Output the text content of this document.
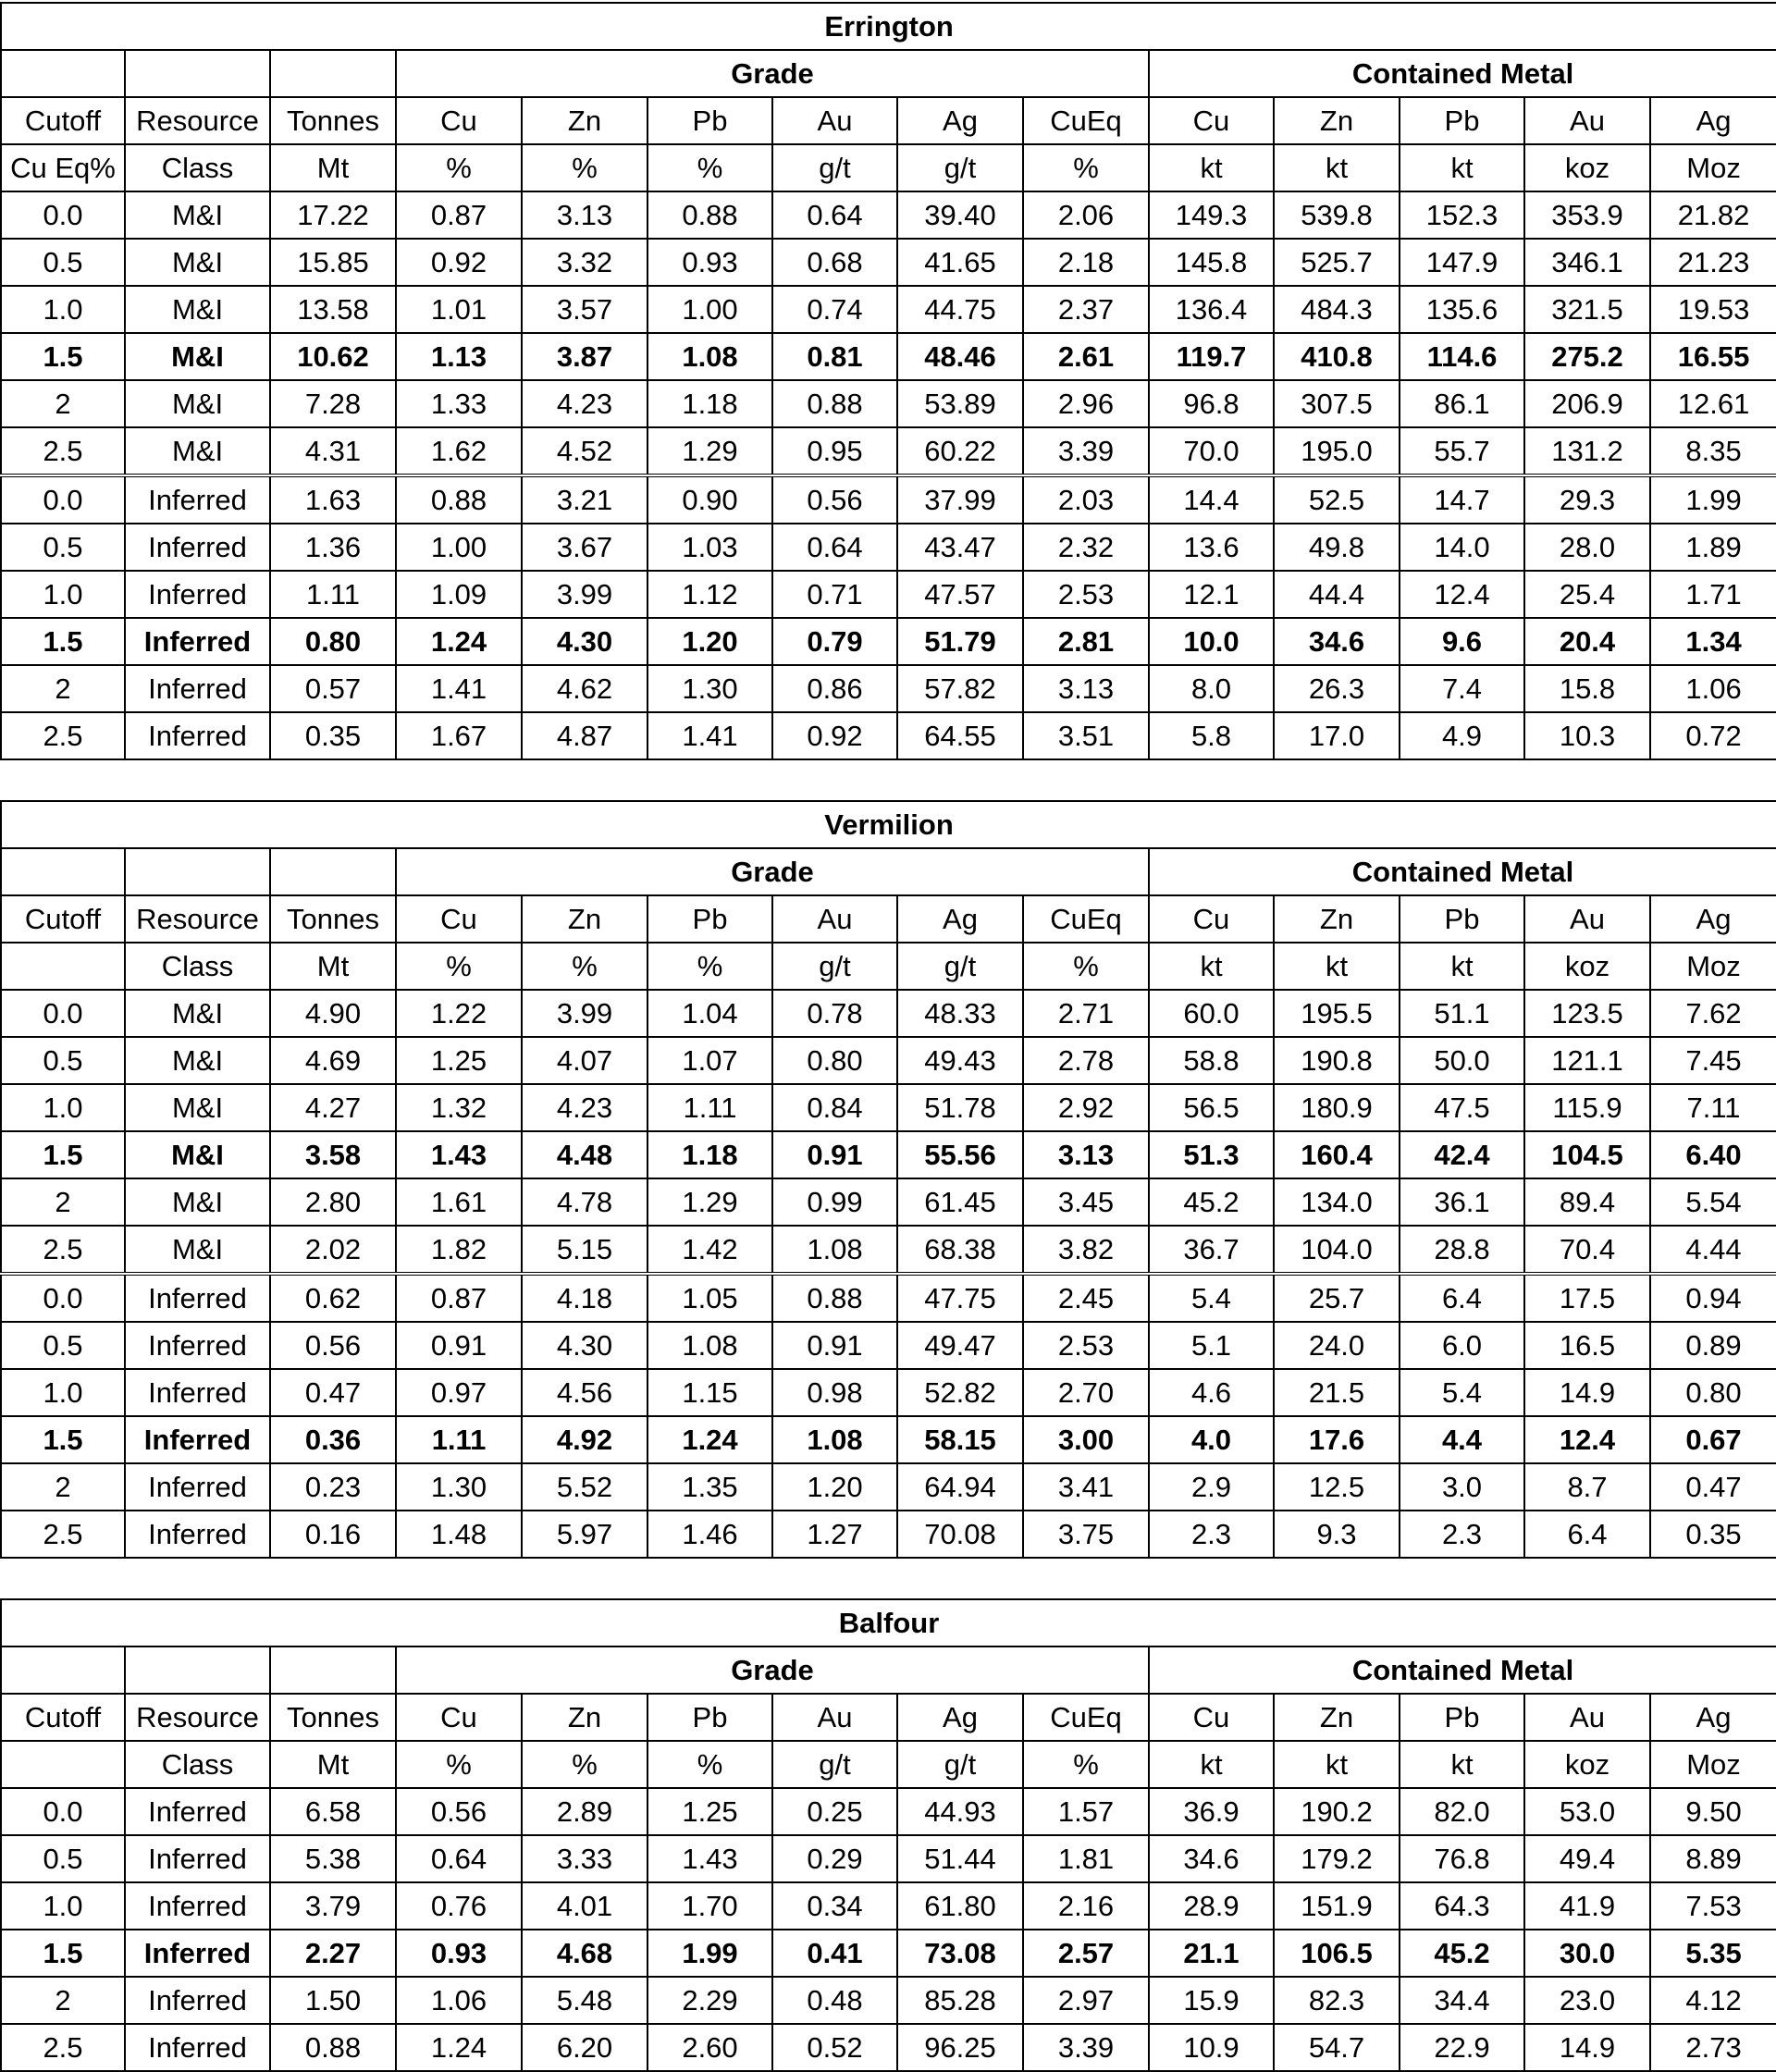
Errington													
			Grade						Contained Metal				
Cutoff	Resource	Tonnes	Cu	Zn	Pb	Au	Ag	CuEq	Cu	Zn	Pb	Au	Ag
Cu Eq%	Class	Mt	%	%	%	g/t	g/t	%	kt	kt	kt	koz	Moz
0.0	M&I	17.22	0.87	3.13	0.88	0.64	39.40	2.06	149.3	539.8	152.3	353.9	21.82
0.5	M&I	15.85	0.92	3.32	0.93	0.68	41.65	2.18	145.8	525.7	147.9	346.1	21.23
1.0	M&I	13.58	1.01	3.57	1.00	0.74	44.75	2.37	136.4	484.3	135.6	321.5	19.53
1.5	M&I	10.62	1.13	3.87	1.08	0.81	48.46	2.61	119.7	410.8	114.6	275.2	16.55
2	M&I	7.28	1.33	4.23	1.18	0.88	53.89	2.96	96.8	307.5	86.1	206.9	12.61
2.5	M&I	4.31	1.62	4.52	1.29	0.95	60.22	3.39	70.0	195.0	55.7	131.2	8.35
0.0	Inferred	1.63	0.88	3.21	0.90	0.56	37.99	2.03	14.4	52.5	14.7	29.3	1.99
0.5	Inferred	1.36	1.00	3.67	1.03	0.64	43.47	2.32	13.6	49.8	14.0	28.0	1.89
1.0	Inferred	1.11	1.09	3.99	1.12	0.71	47.57	2.53	12.1	44.4	12.4	25.4	1.71
1.5	Inferred	0.80	1.24	4.30	1.20	0.79	51.79	2.81	10.0	34.6	9.6	20.4	1.34
2	Inferred	0.57	1.41	4.62	1.30	0.86	57.82	3.13	8.0	26.3	7.4	15.8	1.06
2.5	Inferred	0.35	1.67	4.87	1.41	0.92	64.55	3.51	5.8	17.0	4.9	10.3	0.72
Vermilion													
			Grade						Contained Metal				
Cutoff	Resource	Tonnes	Cu	Zn	Pb	Au	Ag	CuEq	Cu	Zn	Pb	Au	Ag
	Class	Mt	%	%	%	g/t	g/t	%	kt	kt	kt	koz	Moz
0.0	M&I	4.90	1.22	3.99	1.04	0.78	48.33	2.71	60.0	195.5	51.1	123.5	7.62
0.5	M&I	4.69	1.25	4.07	1.07	0.80	49.43	2.78	58.8	190.8	50.0	121.1	7.45
1.0	M&I	4.27	1.32	4.23	1.11	0.84	51.78	2.92	56.5	180.9	47.5	115.9	7.11
1.5	M&I	3.58	1.43	4.48	1.18	0.91	55.56	3.13	51.3	160.4	42.4	104.5	6.40
2	M&I	2.80	1.61	4.78	1.29	0.99	61.45	3.45	45.2	134.0	36.1	89.4	5.54
2.5	M&I	2.02	1.82	5.15	1.42	1.08	68.38	3.82	36.7	104.0	28.8	70.4	4.44
0.0	Inferred	0.62	0.87	4.18	1.05	0.88	47.75	2.45	5.4	25.7	6.4	17.5	0.94
0.5	Inferred	0.56	0.91	4.30	1.08	0.91	49.47	2.53	5.1	24.0	6.0	16.5	0.89
1.0	Inferred	0.47	0.97	4.56	1.15	0.98	52.82	2.70	4.6	21.5	5.4	14.9	0.80
1.5	Inferred	0.36	1.11	4.92	1.24	1.08	58.15	3.00	4.0	17.6	4.4	12.4	0.67
2	Inferred	0.23	1.30	5.52	1.35	1.20	64.94	3.41	2.9	12.5	3.0	8.7	0.47
2.5	Inferred	0.16	1.48	5.97	1.46	1.27	70.08	3.75	2.3	9.3	2.3	6.4	0.35
Balfour													
			Grade						Contained Metal				
Cutoff	Resource	Tonnes	Cu	Zn	Pb	Au	Ag	CuEq	Cu	Zn	Pb	Au	Ag
	Class	Mt	%	%	%	g/t	g/t	%	kt	kt	kt	koz	Moz
0.0	Inferred	6.58	0.56	2.89	1.25	0.25	44.93	1.57	36.9	190.2	82.0	53.0	9.50
0.5	Inferred	5.38	0.64	3.33	1.43	0.29	51.44	1.81	34.6	179.2	76.8	49.4	8.89
1.0	Inferred	3.79	0.76	4.01	1.70	0.34	61.80	2.16	28.9	151.9	64.3	41.9	7.53
1.5	Inferred	2.27	0.93	4.68	1.99	0.41	73.08	2.57	21.1	106.5	45.2	30.0	5.35
2	Inferred	1.50	1.06	5.48	2.29	0.48	85.28	2.97	15.9	82.3	34.4	23.0	4.12
2.5	Inferred	0.88	1.24	6.20	2.60	0.52	96.25	3.39	10.9	54.7	22.9	14.9	2.73
